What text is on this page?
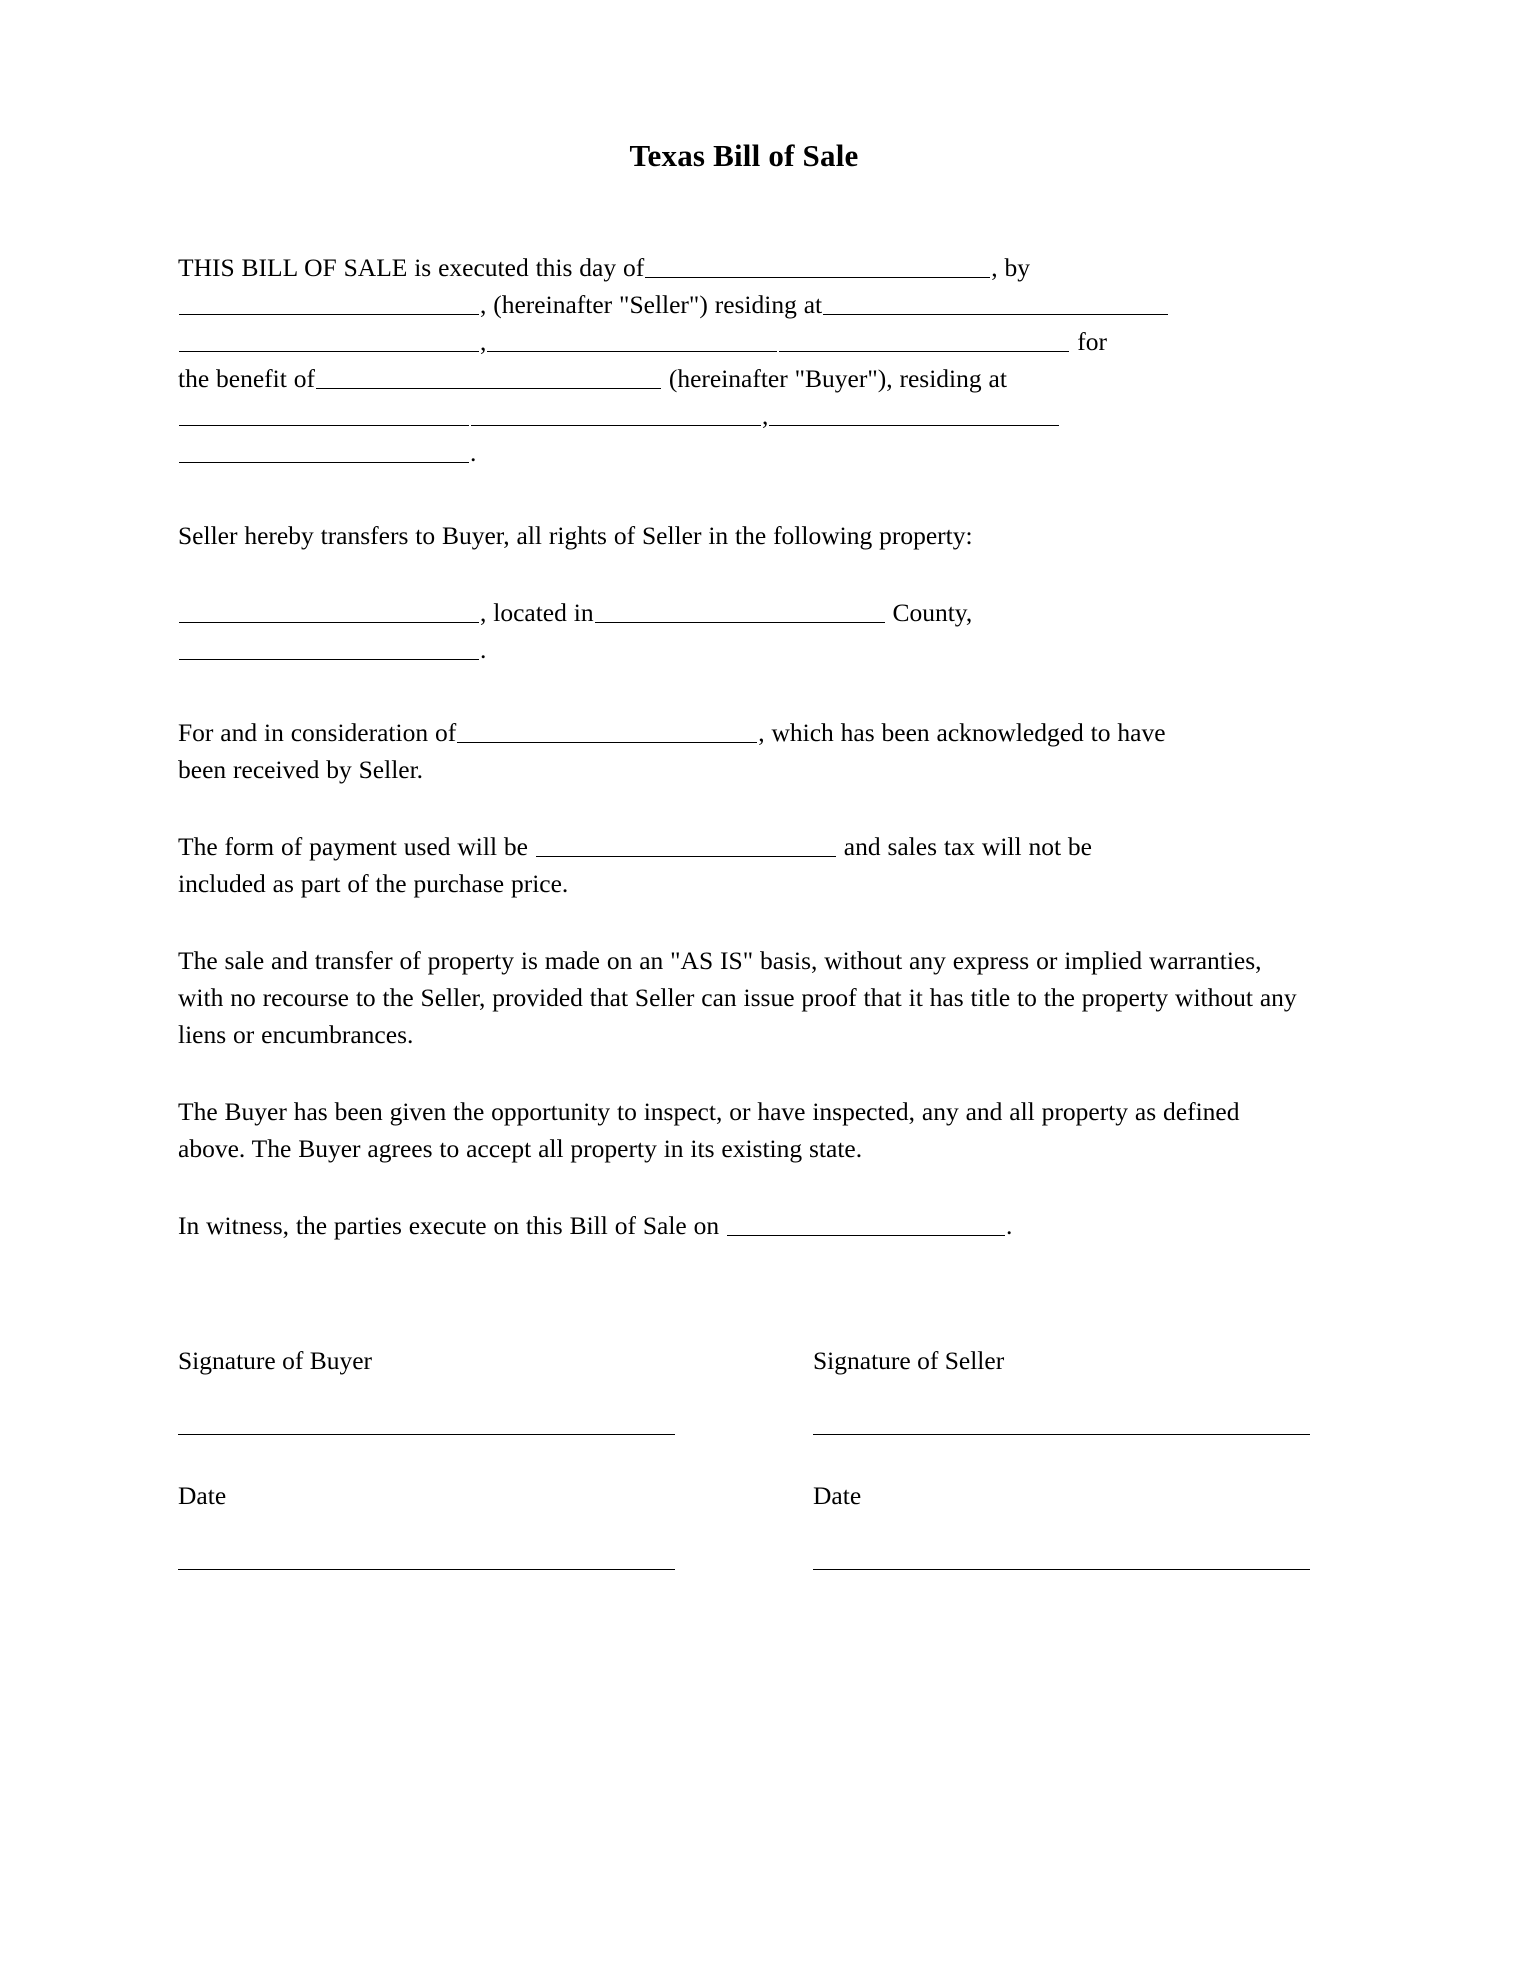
Texas Bill of Sale

THIS BILL OF SALE is executed this day of	, by
, (hereinafter "Seller") residing at
,	for
the benefit of	(hereinafter "Buyer"), residing at
,
.

Seller hereby transfers to Buyer, all rights of Seller in the following property:

, located in	County,
.

For and in consideration of	, which has been acknowledged to have
been received by Seller.

The form of payment used will be	and sales tax will not be
included as part of the purchase price.

The sale and transfer of property is made on an "AS IS" basis, without any express or implied warranties, with no recourse to the Seller, provided that Seller can issue proof that it has title to the property without any liens or encumbrances.

The Buyer has been given the opportunity to inspect, or have inspected, any and all property as defined above. The Buyer agrees to accept all property in its existing state.

In witness, the parties execute on this Bill of Sale on	.

Signature of Buyer	Signature of Seller
Date	Date
